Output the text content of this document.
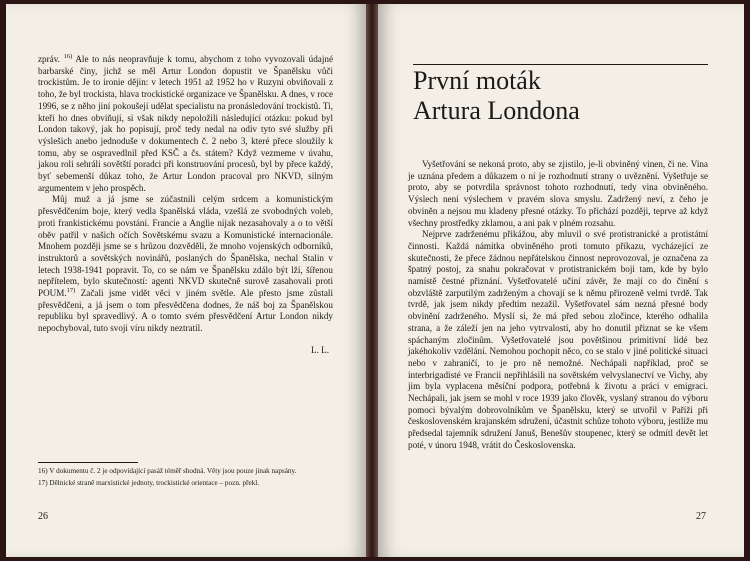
zpráv. $^{16)}$ Ale to nás neopravňuje k tomu, abychom z toho vyvozovali údajné barbarské činy, jichž se měl Artur London dopustit ve Španělsku vůči trockistům. Je to ironie dějin: v letech 1951 až 1952 ho v Ruzyni obviňovali z toho, že byl trockista, hlava trockistické organizace ve Španělsku. A dnes, v roce 1996, se z něho jiní pokoušejí udělat specialistu na pronásledování trockistů. Ti, kteří ho dnes obviňují, si však nikdy nepoložili následující otázku: pokud byl London takový, jak ho popisují, proč tedy nedal na odiv tyto své služby při výslešich anebo jednoduše v dokumentech č. 2 nebo 3, které přece sloužily k tomu, aby se ospravedlnil před KSČ a čs. státem? Když vezmeme v úvahu, jakou roli sehráli sovětští poradci při konstruování procesů, byl by přece každý, byť sebemenší důkaz toho, že Artur London pracoval pro NKVD, silným argumentem v jeho prospěch.

Můj muž a já jsme se zúčastnili celým srdcem a komunistickým přesvědčením boje, který vedla španělská vláda, vzešlá ze svobodných voleb, proti frankistickému povstání. Francie a Anglie nijak nezasahovaly a o to větší oběv patřil v našich očích Sovětskému svazu a Komunistické internacionále. Mnohem později jsme se s hrůzou dozvěděli, že mnoho vojenských odborníků, instruktorů a sovětských novinářů, poslaných do Španělska, nechal Stalin v letech 1938-1941 popravit. To, co se nám ve Španělsku zdálo být lží, šířenou nepřítelem, bylo skutečností: agenti NKVD skutečně surově zasahovali proti POUM.$^{17)}$ Začali jsme vidět věci v jiném světle. Ale přesto jsme zůstali přesvědčeni, a já jsem o tom přesvědčena dodnes, že náš boj za Španělskou republiku byl spravedlivý. A o tomto svém přesvědčení Artur London nikdy nepochyboval, tuto svoji víru nikdy neztratil.

L. L.

16) V dokumentu č. 2 je odpovídající pasáž téměř shodná. Věty jsou pouze jinak napsány.

17) Dělnické straně marxistické jednoty, trockistické orientace – pozn. překl.

26
První moták
Artura Londona

Vyšetřování se nekoná proto, aby se zjistilo, je-li obviněný vinen, či ne. Vina je uznána předem a důkazem o ní je rozhodnutí strany o uvěznění. Vyšetřuje se proto, aby se potvrdila správnost tohoto rozhodnutí, tedy vina obviněného. Výslech není výslechem v pravém slova smyslu. Zadržený neví, z čeho je obviněn a nejsou mu kladeny přesné otázky. To přichází později, teprve až když všechny prostředky zklamou, a ani pak v plném rozsahu.

Nejprve zadrženému přikážou, aby mluvil o své protistranické a protistátní činnosti. Každá námitka obviněného proti tomuto příkazu, vycházející ze skutečnosti, že přece žádnou nepřátelskou činnost neprovozoval, je označena za špatný postoj, za snahu pokračovat v protistranickém boji tam, kde by bylo namístě čestné přiznání. Vyšetřovatelé učiní závěr, že mají co do činění s obzvláště zarputilým zadrženým a chovají se k němu přirozeně velmi tvrdě. Tak tvrdě, jak jsem nikdy předtím nezažil. Vyšetřovatel sám nezná přesné body obvinění zadrženého. Myslí si, že má před sebou zločince, kterého odhalila strana, a že záleží jen na jeho vytrvalosti, aby ho donutil přiznat se ke všem spáchaným zločinům. Vyšetřovatelé jsou povětšinou primitivní lidé bez jakéhokoliv vzdělání. Nemohou pochopit něco, co se stalo v jiné politické situaci nebo v zahraničí, to je pro ně nemožné. Nechápali například, proč se interbrigadisté ve Francii nepřihlásili na sovětském velvyslanectví ve Vichy, aby jim byla vyplacena měsíční podpora, potřebná k životu a práci v emigraci. Nechápali, jak jsem se mohl v roce 1939 jako člověk, vyslaný stranou do výboru pomoci bývalým dobrovolníkům ve Španělsku, který se utvořil v Paříži při československém krajanském sdružení, účastnit schůze tohoto výboru, jestliže mu předsedal tajemník sdružení Januš, Benešův stoupenec, který se odmítl devět let poté, v únoru 1948, vrátit do Československa.

27
